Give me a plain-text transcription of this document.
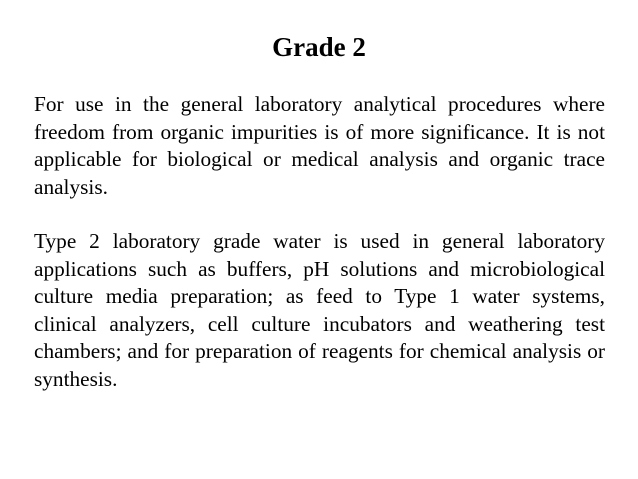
Grade 2

For use in the general laboratory analytical procedures where freedom from organic impurities is of more significance. It is not applicable for biological or medical analysis and organic trace analysis.

Type 2 laboratory grade water is used in general laboratory applications such as buffers, pH solutions and microbiological culture media preparation; as feed to Type 1 water systems, clinical analyzers, cell culture incubators and weathering test chambers; and for preparation of reagents for chemical analysis or synthesis.
